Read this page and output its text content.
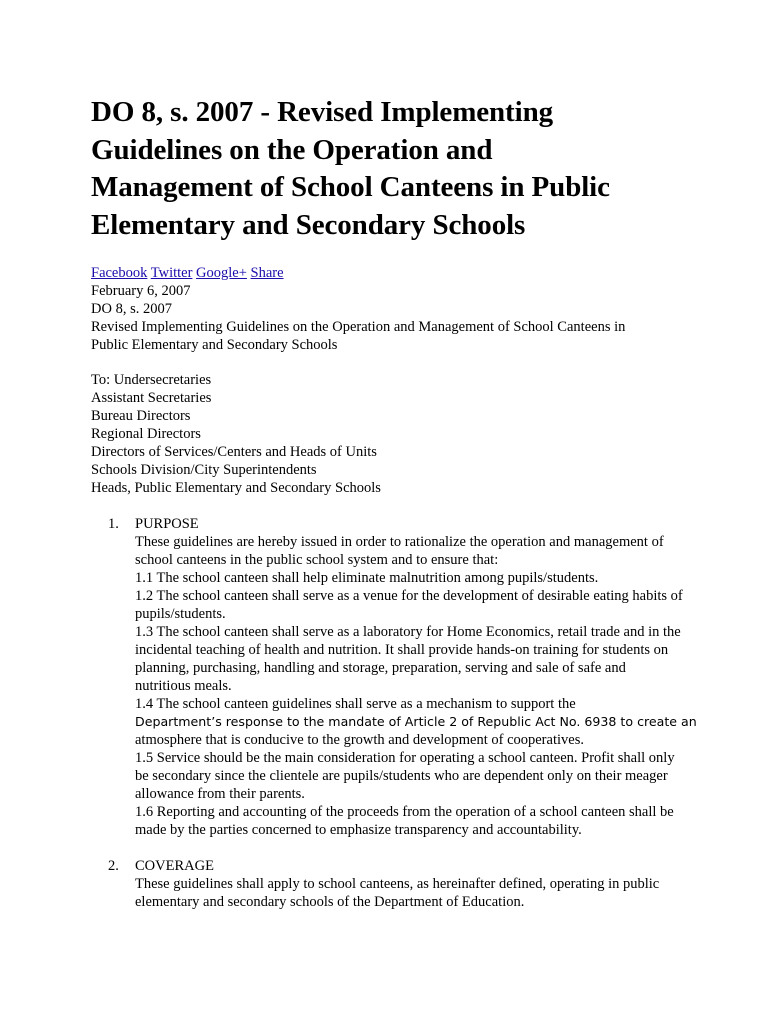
DO 8, s. 2007 - Revised Implementing Guidelines on the Operation and Management of School Canteens in Public Elementary and Secondary Schools
Facebook Twitter Google+ Share
February 6, 2007
DO 8, s. 2007
Revised Implementing Guidelines on the Operation and Management of School Canteens in Public Elementary and Secondary Schools
To: Undersecretaries
Assistant Secretaries
Bureau Directors
Regional Directors
Directors of Services/Centers and Heads of Units
Schools Division/City Superintendents
Heads, Public Elementary and Secondary Schools
1. PURPOSE
These guidelines are hereby issued in order to rationalize the operation and management of school canteens in the public school system and to ensure that:
1.1 The school canteen shall help eliminate malnutrition among pupils/students.
1.2 The school canteen shall serve as a venue for the development of desirable eating habits of pupils/students.
1.3 The school canteen shall serve as a laboratory for Home Economics, retail trade and in the incidental teaching of health and nutrition. It shall provide hands-on training for students on planning, purchasing, handling and storage, preparation, serving and sale of safe and nutritious meals.
1.4 The school canteen guidelines shall serve as a mechanism to support the
Department’s response to the mandate of Article 2 of Republic Act No. 6938 to create an
atmosphere that is conducive to the growth and development of cooperatives.
1.5 Service should be the main consideration for operating a school canteen. Profit shall only be secondary since the clientele are pupils/students who are dependent only on their meager allowance from their parents.
1.6 Reporting and accounting of the proceeds from the operation of a school canteen shall be made by the parties concerned to emphasize transparency and accountability.
2. COVERAGE
These guidelines shall apply to school canteens, as hereinafter defined, operating in public elementary and secondary schools of the Department of Education.
